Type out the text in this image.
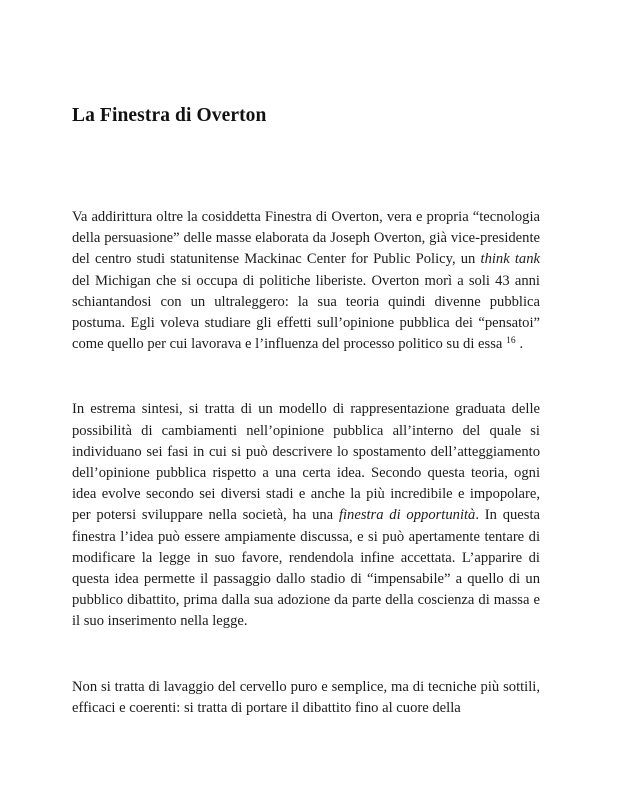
La Finestra di Overton

Va addirittura oltre la cosiddetta Finestra di Overton, vera e propria “tecnologia della persuasione” delle masse elaborata da Joseph Overton, già vice-presidente del centro studi statunitense Mackinac Center for Public Policy, un think tank del Michigan che si occupa di politiche liberiste. Overton morì a soli 43 anni schiantandosi con un ultraleggero: la sua teoria quindi divenne pubblica postuma. Egli voleva studiare gli effetti sull’opinione pubblica dei “pensatoi” come quello per cui lavorava e l’influenza del processo politico su di essa $^{16}$ .

In estrema sintesi, si tratta di un modello di rappresentazione graduata delle possibilità di cambiamenti nell’opinione pubblica all’interno del quale si individuano sei fasi in cui si può descrivere lo spostamento dell’atteggiamento dell’opinione pubblica rispetto a una certa idea. Secondo questa teoria, ogni idea evolve secondo sei diversi stadi e anche la più incredibile e impopolare, per potersi sviluppare nella società, ha una finestra di opportunità. In questa finestra l’idea può essere ampiamente discussa, e si può apertamente tentare di modificare la legge in suo favore, rendendola infine accettata. L’apparire di questa idea permette il passaggio dallo stadio di “impensabile” a quello di un pubblico dibattito, prima dalla sua adozione da parte della coscienza di massa e il suo inserimento nella legge.

Non si tratta di lavaggio del cervello puro e semplice, ma di tecniche più sottili, efficaci e coerenti: si tratta di portare il dibattito fino al cuore della
